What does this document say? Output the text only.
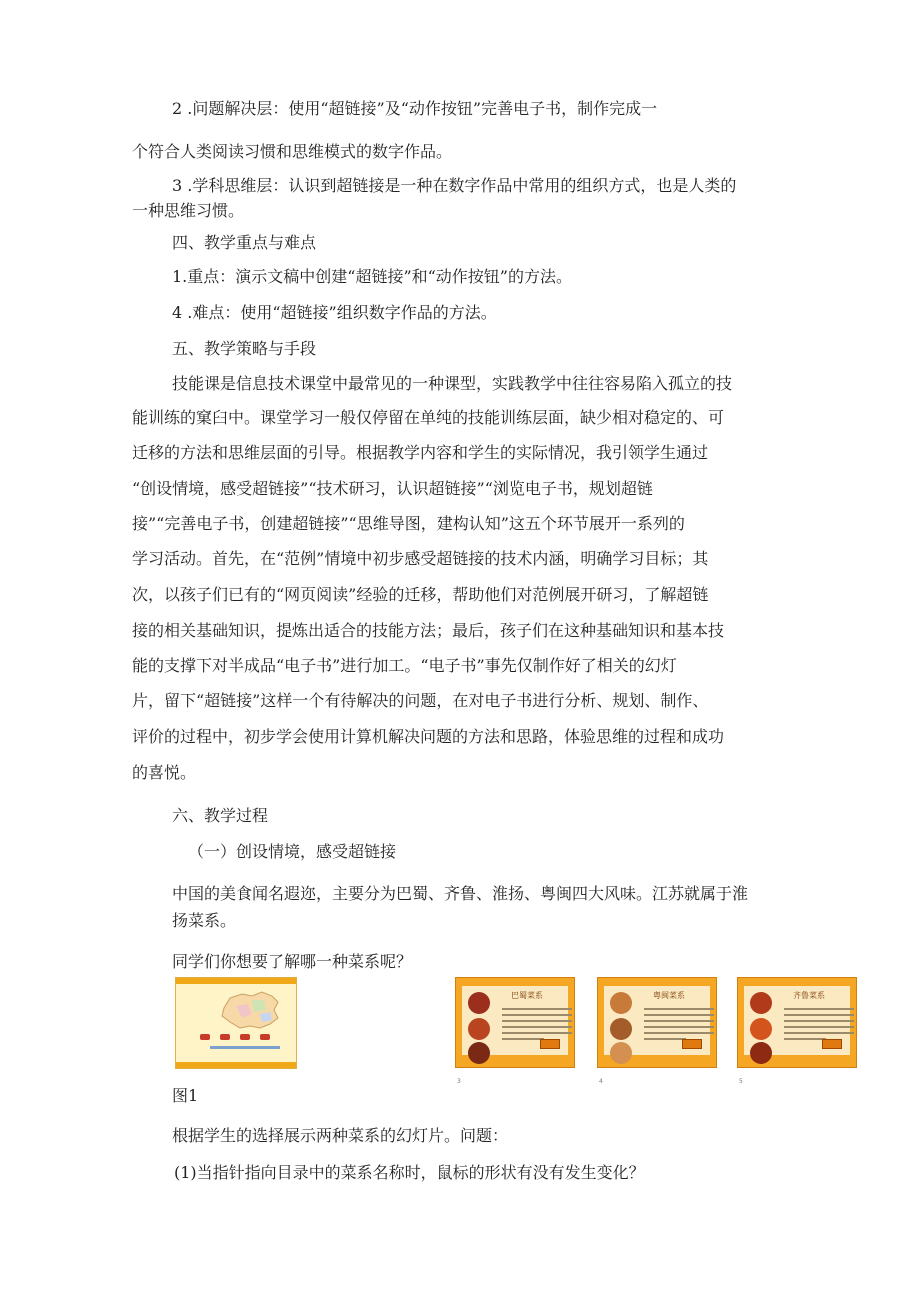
2 .问题解决层：使用“超链接”及“动作按钮”完善电子书，制作完成一

个符合人类阅读习惯和思维模式的数字作品。

3 .学科思维层：认识到超链接是一种在数字作品中常用的组织方式，也是人类的

一种思维习惯。

四、教学重点与难点

1.重点：演示文稿中创建“超链接”和“动作按钮”的方法。

4 .难点：使用“超链接”组织数字作品的方法。

五、教学策略与手段

技能课是信息技术课堂中最常见的一种课型，实践教学中往往容易陷入孤立的技

能训练的窠臼中。课堂学习一般仅停留在单纯的技能训练层面，缺少相对稳定的、可

迁移的方法和思维层面的引导。根据教学内容和学生的实际情况，我引领学生通过

“创设情境，感受超链接”“技术研习，认识超链接”“浏览电子书，规划超链

接”“完善电子书，创建超链接”“思维导图，建构认知”这五个环节展开一系列的

学习活动。首先，在“范例”情境中初步感受超链接的技术内涵，明确学习目标；其

次，以孩子们已有的“网页阅读”经验的迁移，帮助他们对范例展开研习，了解超链

接的相关基础知识，提炼出适合的技能方法；最后，孩子们在这种基础知识和基本技

能的支撑下对半成品“电子书”进行加工。“电子书”事先仅制作好了相关的幻灯

片，留下“超链接”这样一个有待解决的问题，在对电子书进行分析、规划、制作、

评价的过程中，初步学会使用计算机解决问题的方法和思路，体验思维的过程和成功

的喜悦。

六、教学过程

（一）创设情境，感受超链接

中国的美食闻名遐迩，主要分为巴蜀、齐鲁、淮扬、粤闽四大风味。江苏就属于淮

扬菜系。

同学们你想要了解哪一种菜系呢？

巴蜀菜系	粤闽菜系	齐鲁菜系
3	4	5

图1

根据学生的选择展示两种菜系的幻灯片。问题：

(1)当指针指向目录中的菜系名称时，鼠标的形状有没有发生变化？
